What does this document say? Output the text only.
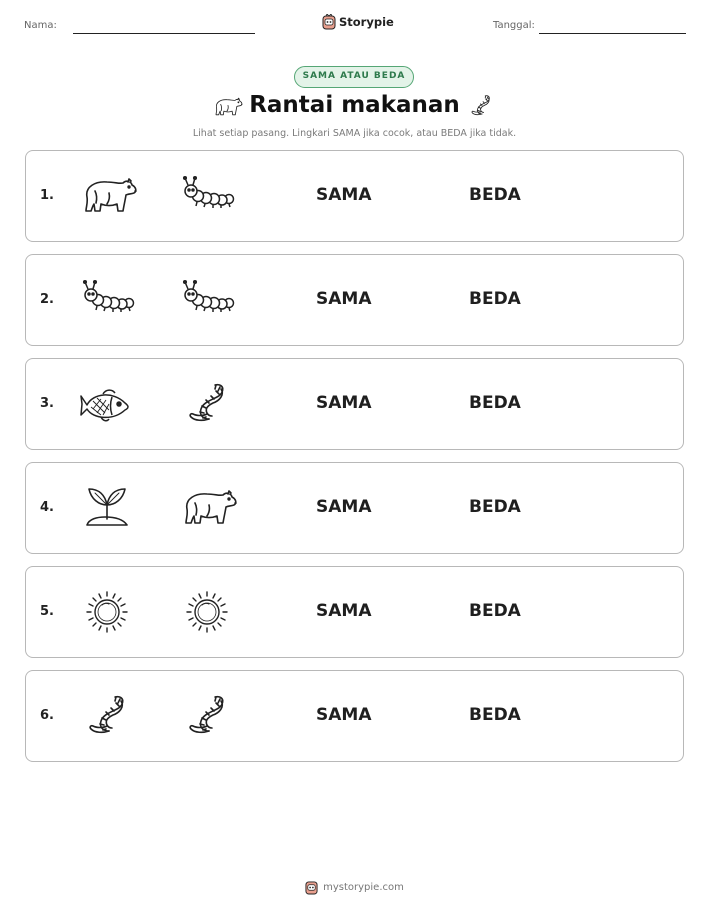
Nama:	Storypie	Tanggal:
SAMA ATAU BEDA
Rantai makanan
Lihat setiap pasang. Lingkari SAMA jika cocok, atau BEDA jika tidak.
1.	SAMA	BEDA
2.	SAMA	BEDA
3.	SAMA	BEDA
4.	SAMA	BEDA
5.	SAMA	BEDA
6.	SAMA	BEDA
mystorypie.com
